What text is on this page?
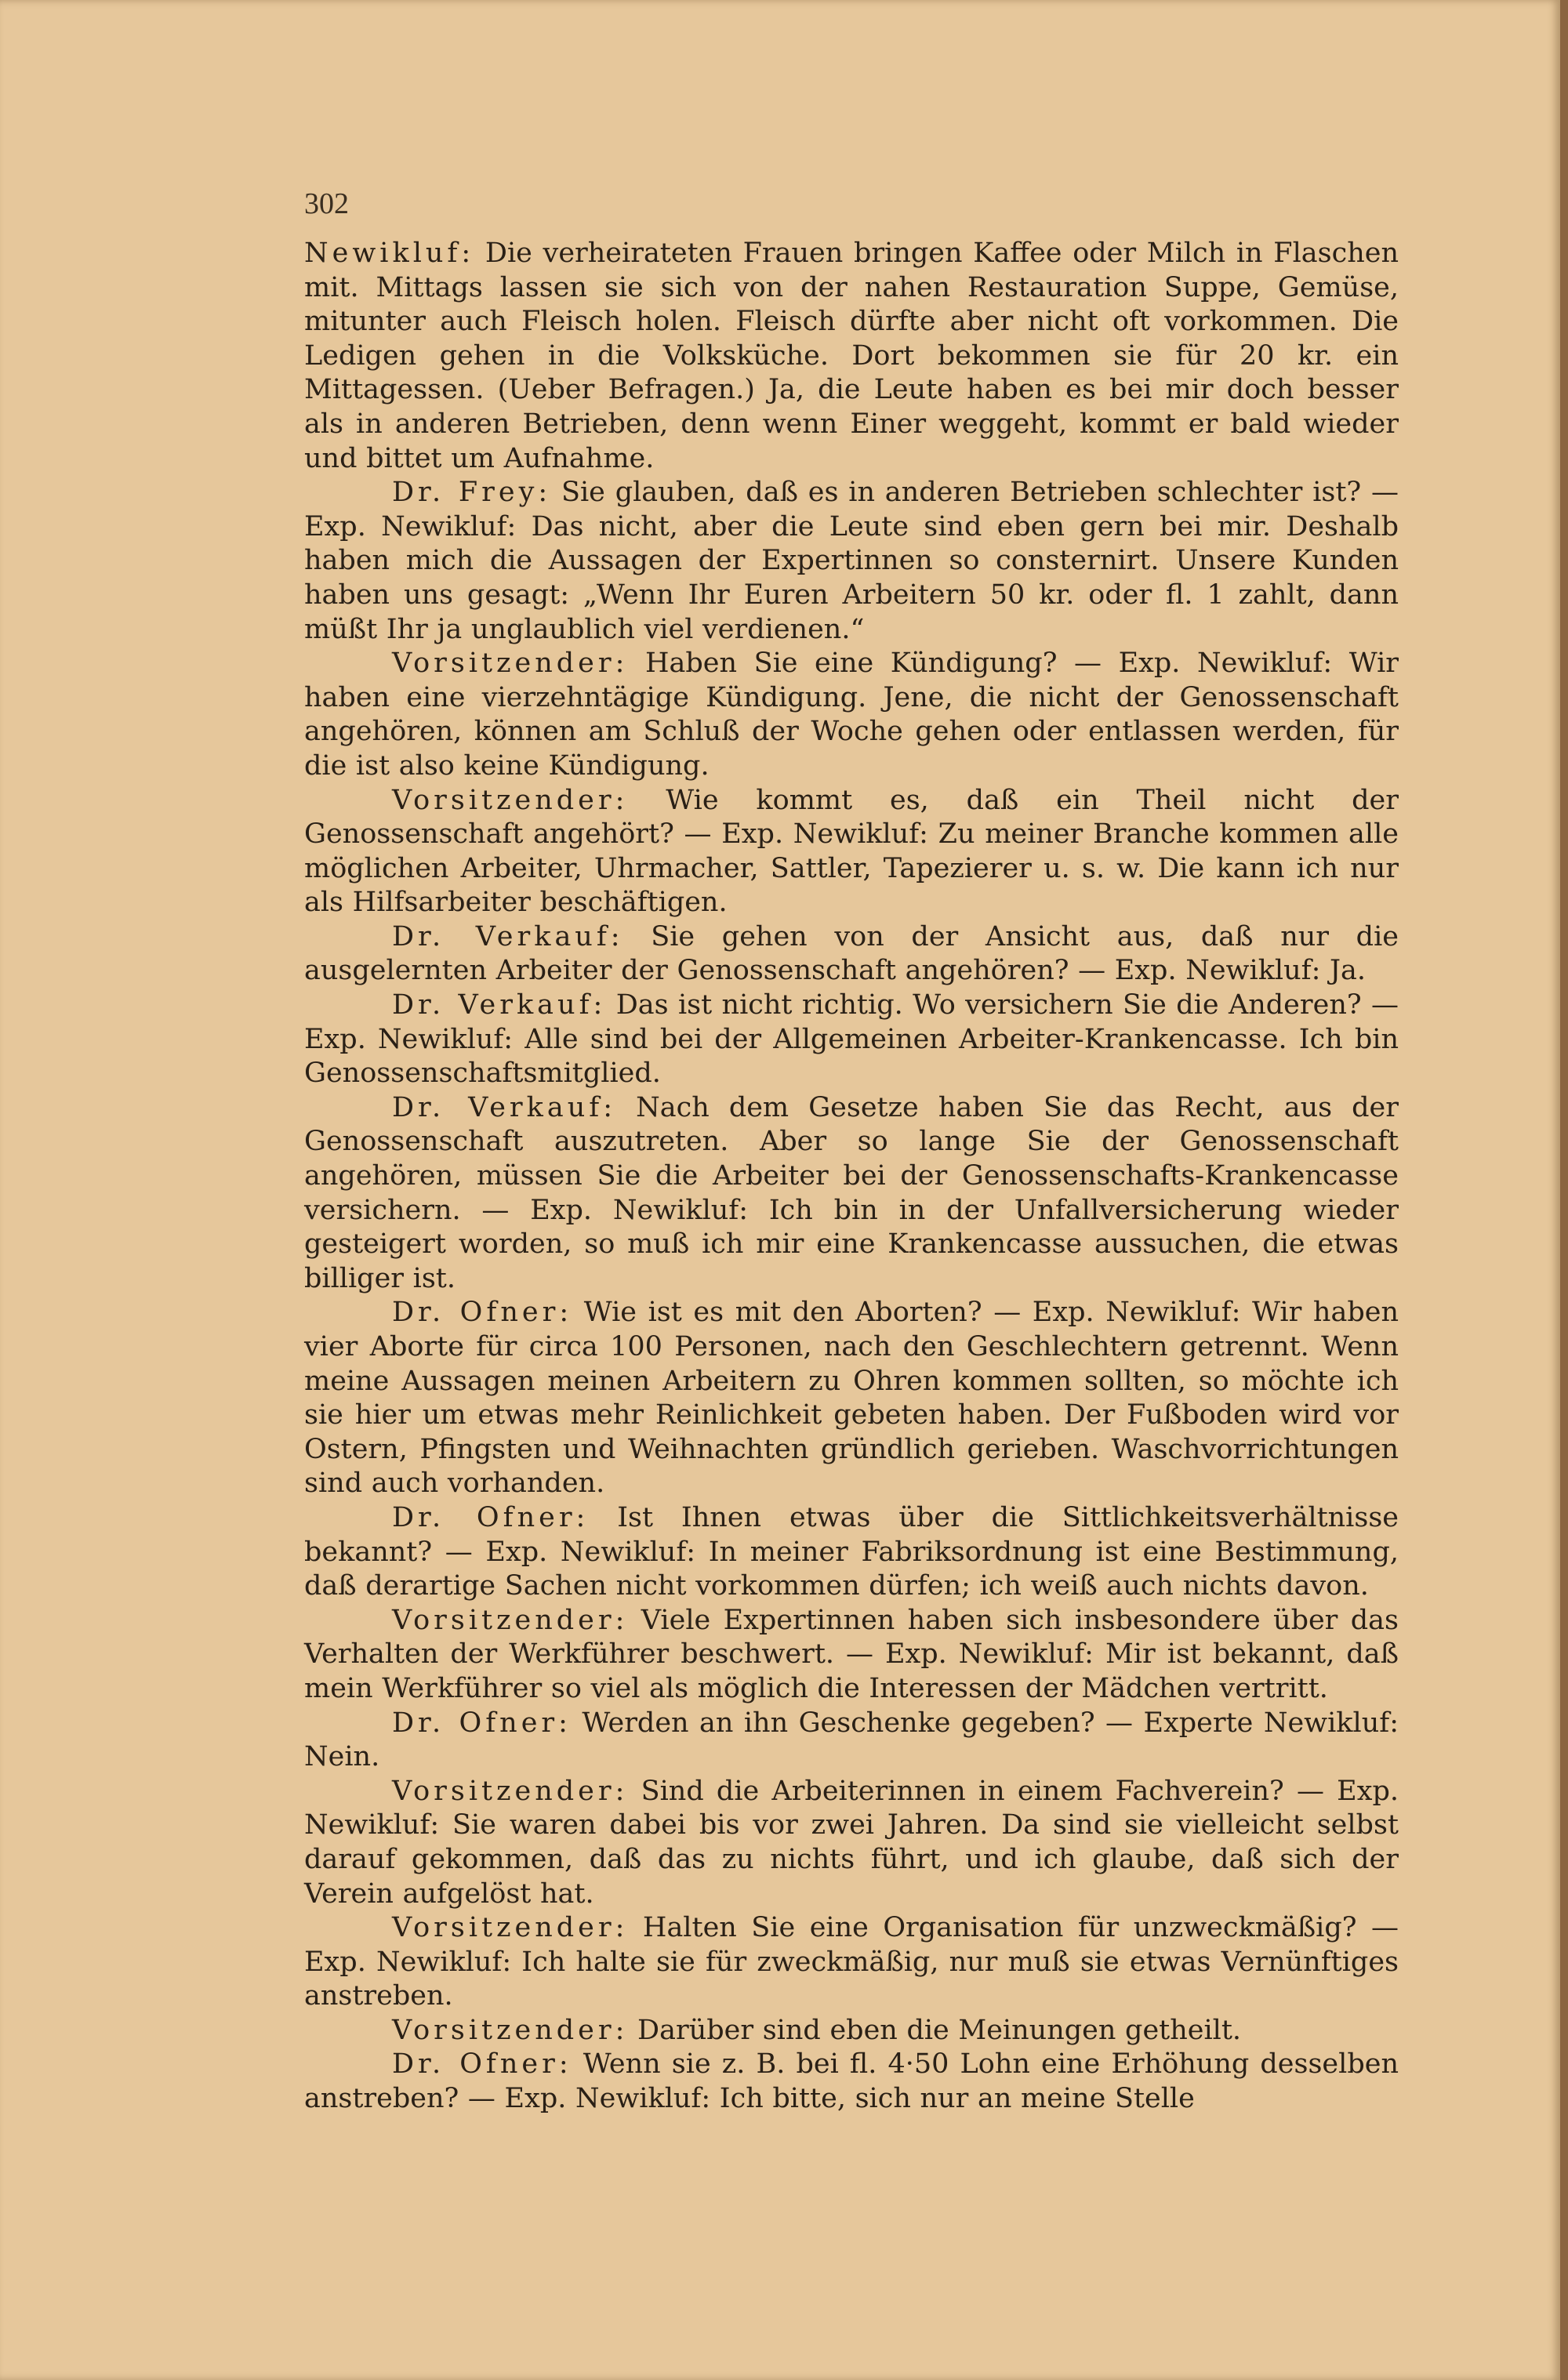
302

Newikluf: Die verheirateten Frauen bringen Kaffee oder Milch in Flaschen mit. Mittags lassen sie sich von der nahen Restauration Suppe, Gemüse, mitunter auch Fleisch holen. Fleisch dürfte aber nicht oft vorkommen. Die Ledigen gehen in die Volksküche. Dort bekommen sie für 20 kr. ein Mittagessen. (Ueber Befragen.) Ja, die Leute haben es bei mir doch besser als in anderen Betrieben, denn wenn Einer weggeht, kommt er bald wieder und bittet um Aufnahme.

Dr. Frey: Sie glauben, daß es in anderen Betrieben schlechter ist? — Exp. Newikluf: Das nicht, aber die Leute sind eben gern bei mir. Deshalb haben mich die Aussagen der Expertinnen so consternirt. Unsere Kunden haben uns gesagt: „Wenn Ihr Euren Arbeitern 50 kr. oder fl. 1 zahlt, dann müßt Ihr ja unglaublich viel verdienen.“

Vorsitzender: Haben Sie eine Kündigung? — Exp. Newikluf: Wir haben eine vierzehntägige Kündigung. Jene, die nicht der Genossenschaft angehören, können am Schluß der Woche gehen oder entlassen werden, für die ist also keine Kündigung.

Vorsitzender: Wie kommt es, daß ein Theil nicht der Genossenschaft angehört? — Exp. Newikluf: Zu meiner Branche kommen alle möglichen Arbeiter, Uhrmacher, Sattler, Tapezierer u. s. w. Die kann ich nur als Hilfsarbeiter beschäftigen.

Dr. Verkauf: Sie gehen von der Ansicht aus, daß nur die ausgelernten Arbeiter der Genossenschaft angehören? — Exp. Newikluf: Ja.

Dr. Verkauf: Das ist nicht richtig. Wo versichern Sie die Anderen? — Exp. Newikluf: Alle sind bei der Allgemeinen Arbeiter-Krankencasse. Ich bin Genossenschaftsmitglied.

Dr. Verkauf: Nach dem Gesetze haben Sie das Recht, aus der Genossenschaft auszutreten. Aber so lange Sie der Genossenschaft angehören, müssen Sie die Arbeiter bei der Genossenschafts-Krankencasse versichern. — Exp. Newikluf: Ich bin in der Unfallversicherung wieder gesteigert worden, so muß ich mir eine Krankencasse aussuchen, die etwas billiger ist.

Dr. Ofner: Wie ist es mit den Aborten? — Exp. Newikluf: Wir haben vier Aborte für circa 100 Personen, nach den Geschlechtern getrennt. Wenn meine Aussagen meinen Arbeitern zu Ohren kommen sollten, so möchte ich sie hier um etwas mehr Reinlichkeit gebeten haben. Der Fußboden wird vor Ostern, Pfingsten und Weihnachten gründlich gerieben. Waschvorrichtungen sind auch vorhanden.

Dr. Ofner: Ist Ihnen etwas über die Sittlichkeitsverhältnisse bekannt? — Exp. Newikluf: In meiner Fabriksordnung ist eine Bestimmung, daß derartige Sachen nicht vorkommen dürfen; ich weiß auch nichts davon.

Vorsitzender: Viele Expertinnen haben sich insbesondere über das Verhalten der Werkführer beschwert. — Exp. Newikluf: Mir ist bekannt, daß mein Werkführer so viel als möglich die Interessen der Mädchen vertritt.

Dr. Ofner: Werden an ihn Geschenke gegeben? — Experte Newikluf: Nein.

Vorsitzender: Sind die Arbeiterinnen in einem Fachverein? — Exp. Newikluf: Sie waren dabei bis vor zwei Jahren. Da sind sie vielleicht selbst darauf gekommen, daß das zu nichts führt, und ich glaube, daß sich der Verein aufgelöst hat.

Vorsitzender: Halten Sie eine Organisation für unzweckmäßig? — Exp. Newikluf: Ich halte sie für zweckmäßig, nur muß sie etwas Vernünftiges anstreben.

Vorsitzender: Darüber sind eben die Meinungen getheilt.

Dr. Ofner: Wenn sie z. B. bei fl. 4·50 Lohn eine Erhöhung desselben anstreben? — Exp. Newikluf: Ich bitte, sich nur an meine Stelle
